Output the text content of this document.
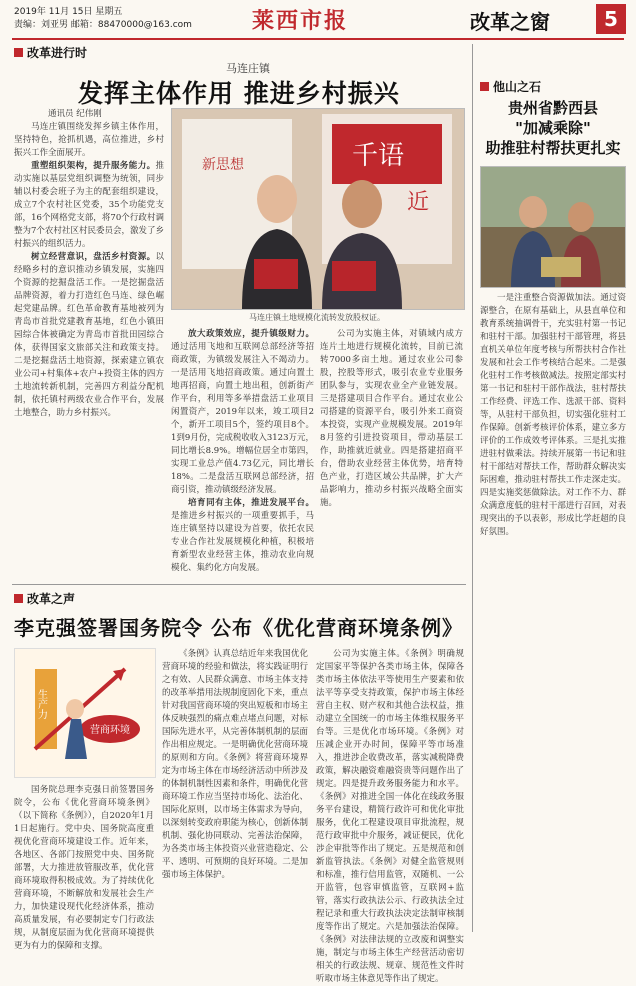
2019年 11月 15日 星期五
责编：刘亚男 邮箱：88470000@163.com	莱西市报	改革之窗	5
改革进行时
马连庄镇
发挥主体作用 推进乡村振兴

通讯员 纪伟刚

马连庄镇围绕发挥乡镇主体作用，坚持特色，抢抓机遇，高位推进，乡村振兴工作全面展开。

重塑组织架构，提升服务能力。推动实施以基层党组织调整为统领，同步辅以村委会班子为主的配套组织建设，成立7个农村社区党委，35个功能党支部，16个网格党支部，将70个行政村调整为7个农村社区村民委员会，激发了乡村振兴的组织活力。

树立经营意识，盘活乡村资源。以经略乡村的意识推动乡镇发展，实施四个资源的挖掘盘活工作。一是挖掘盘活品牌资源，着力打造红色马连、绿色崛起党建品牌。红色革命教育基地被列为青岛市首批党建教育基地，红色小镇田园综合体被确定为青岛市首批田园综合体，获得国家文旅部关注和政策支持。二是挖掘盘活土地资源，探索建立镇农业公司+村集体+农户+投资主体的四方土地流转新机制，完善四方利益分配机制，依托镇村两级农业合作平台，发展土地整合，助力乡村振兴。

千语
近
新思想
马连庄镇土地规模化流转发放股权证。

放大政策效应，提升镇级财力。通过活用飞地和互联网总部经济等招商政策，为镇级发展注入不竭动力。一是活用飞地招商政策。通过向置土地再招商，向置土地出租，创新街产作平台，利用等多举措盘活工业项目闲置资产，2019年以来，竣工项目2个，新开工项目5个，签约项目8个。1到9月份，完成税收收入3123万元，同比增长8.9%。增幅位居全市第四，实现工业总产值4.73亿元，同比增长18%。二是盘活互联网总部经济，招商引资，推动镇级经济发展。

培育同有主体，推进发展平台。是推进乡村振兴的一项重要抓手，马连庄镇坚持以建设为首要，依托农民专业合作社发展规模化种植，积极培育新型农业经营主体，推动农业向规模化、集约化方向发展。

公司为实施主体，对镇域内成方连片土地进行规模化流转，目前已流转7000多亩土地。通过农业公司参股，控股等形式，吸引农业专业服务团队参与，实现农业全产业链发展。三是搭建项目合作平台。通过农业公司搭建的资源平台，吸引外来工商资本投资，实现产业规模发展。2019年8月签约引进投资项目，带动基层工作，助推就近就业。四是搭建招商平台，借助农业经营主体优势，培育特色产业，打造区域公共品牌，扩大产品影响力，推动乡村振兴战略全面实施。

他山之石
贵州省黔西县
"加减乘除"
助推驻村帮扶更扎实

一是注重整合资源做加法。通过资源整合，在原有基础上，从县直单位和教育系统抽调骨干，充实驻村第一书记和驻村干部。加强驻村干部管理，将县直机关单位年度考核与所帮扶村合作社发展和社会工作考核结合起来。二是强化驻村工作考核做减法。按照定部实村第一书记和驻村干部作战法，驻村帮扶工作经费、评选工作、选派干部、资料等，从驻村干部负担，切实强化驻村工作保障。创新考核评价体系，建立多方评价的工作成效考评体系。三是扎实推进驻村做乘法。持续开展第一书记和驻村干部结对帮扶工作，帮助群众解决实际困难，推动驻村帮扶工作走深走实。四是实施奖惩做除法。对工作不力、群众满意度低的驻村干部进行召回，对表现突出的予以表彰，形成比学赶超的良好氛围。

改革之声
李克强签署国务院令 公布《优化营商环境条例》
生产力
营商环境

国务院总理李克强日前签署国务院令，公布《优化营商环境条例》（以下简称《条例》），自2020年1月1日起施行。党中央、国务院高度重视优化营商环境建设工作。近年来，各地区、各部门按照党中央、国务院部署，大力推进放管服改革，优化营商环境取得积极成效。为了持续优化营商环境，不断解放和发展社会生产力，加快建设现代化经济体系，推动高质量发展，有必要制定专门行政法规，从制度层面为优化营商环境提供更为有力的保障和支撑。

《条例》认真总结近年来我国优化营商环境的经验和做法，将实践证明行之有效、人民群众满意、市场主体支持的改革举措用法规制度固化下来，重点针对我国营商环境的突出短板和市场主体反映强烈的痛点难点堵点问题，对标国际先进水平，从完善体制机制的层面作出相应规定。一是明确优化营商环境的原则和方向。《条例》将营商环境界定为市场主体在市场经济活动中所涉及的体制机制性因素和条件，明确优化营商环境工作应当坚持市场化、法治化、国际化原则，以市场主体需求为导向，以深刻转变政府职能为核心，创新体制机制、强化协同联动、完善法治保障，为各类市场主体投资兴业营造稳定、公平、透明、可预期的良好环境。二是加强市场主体保护。

公司为实施主体。《条例》明确规定国家平等保护各类市场主体，保障各类市场主体依法平等使用生产要素和依法平等享受支持政策，保护市场主体经营自主权、财产权和其他合法权益，推动建立全国统一的市场主体维权服务平台等。三是优化市场环境。《条例》对压减企业开办时间，保障平等市场准入，推进涉企收费改革，落实减税降费政策，解决融资难融资贵等问题作出了规定。四是提升政务服务能力和水平。《条例》对推进全国一体化在线政务服务平台建设，精简行政许可和优化审批服务，优化工程建设项目审批流程，规范行政审批中介服务，减证便民，优化涉企审批等作出了规定。五是规范和创新监管执法。《条例》对健全监管规则和标准，推行信用监管，双随机、一公开监管，包容审慎监管，互联网+监管，落实行政执法公示、行政执法全过程记录和重大行政执法决定法制审核制度等作出了规定。六是加强法治保障。《条例》对法律法规的立改废和调整实施，制定与市场主体生产经营活动密切相关的行政法规、规章、规范性文件时听取市场主体意见等作出了规定。
